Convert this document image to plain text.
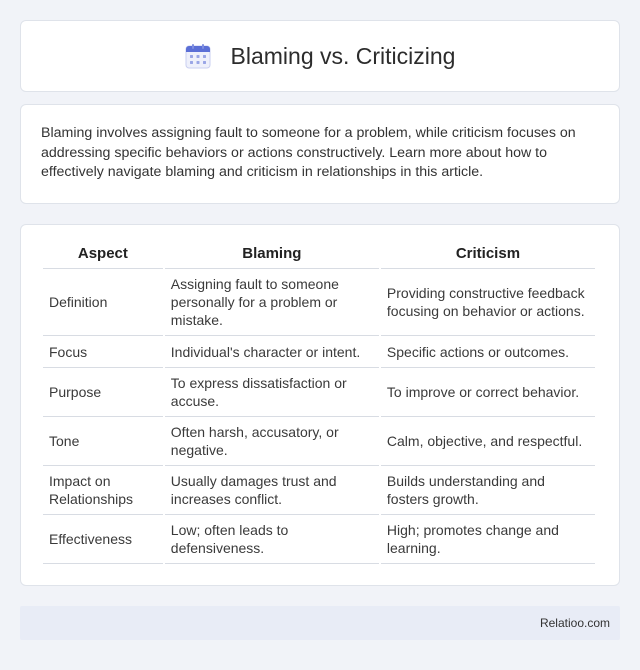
Blaming vs. Criticizing

Blaming involves assigning fault to someone for a problem, while criticism focuses on addressing specific behaviors or actions constructively. Learn more about how to effectively navigate blaming and criticism in relationships in this article.

Aspect	Blaming	Criticism
Definition	Assigning fault to someone personally for a problem or mistake.	Providing constructive feedback focusing on behavior or actions.
Focus	Individual's character or intent.	Specific actions or outcomes.
Purpose	To express dissatisfaction or accuse.	To improve or correct behavior.
Tone	Often harsh, accusatory, or negative.	Calm, objective, and respectful.
Impact on Relationships	Usually damages trust and increases conflict.	Builds understanding and fosters growth.
Effectiveness	Low; often leads to defensiveness.	High; promotes change and learning.
Relatioo.com
